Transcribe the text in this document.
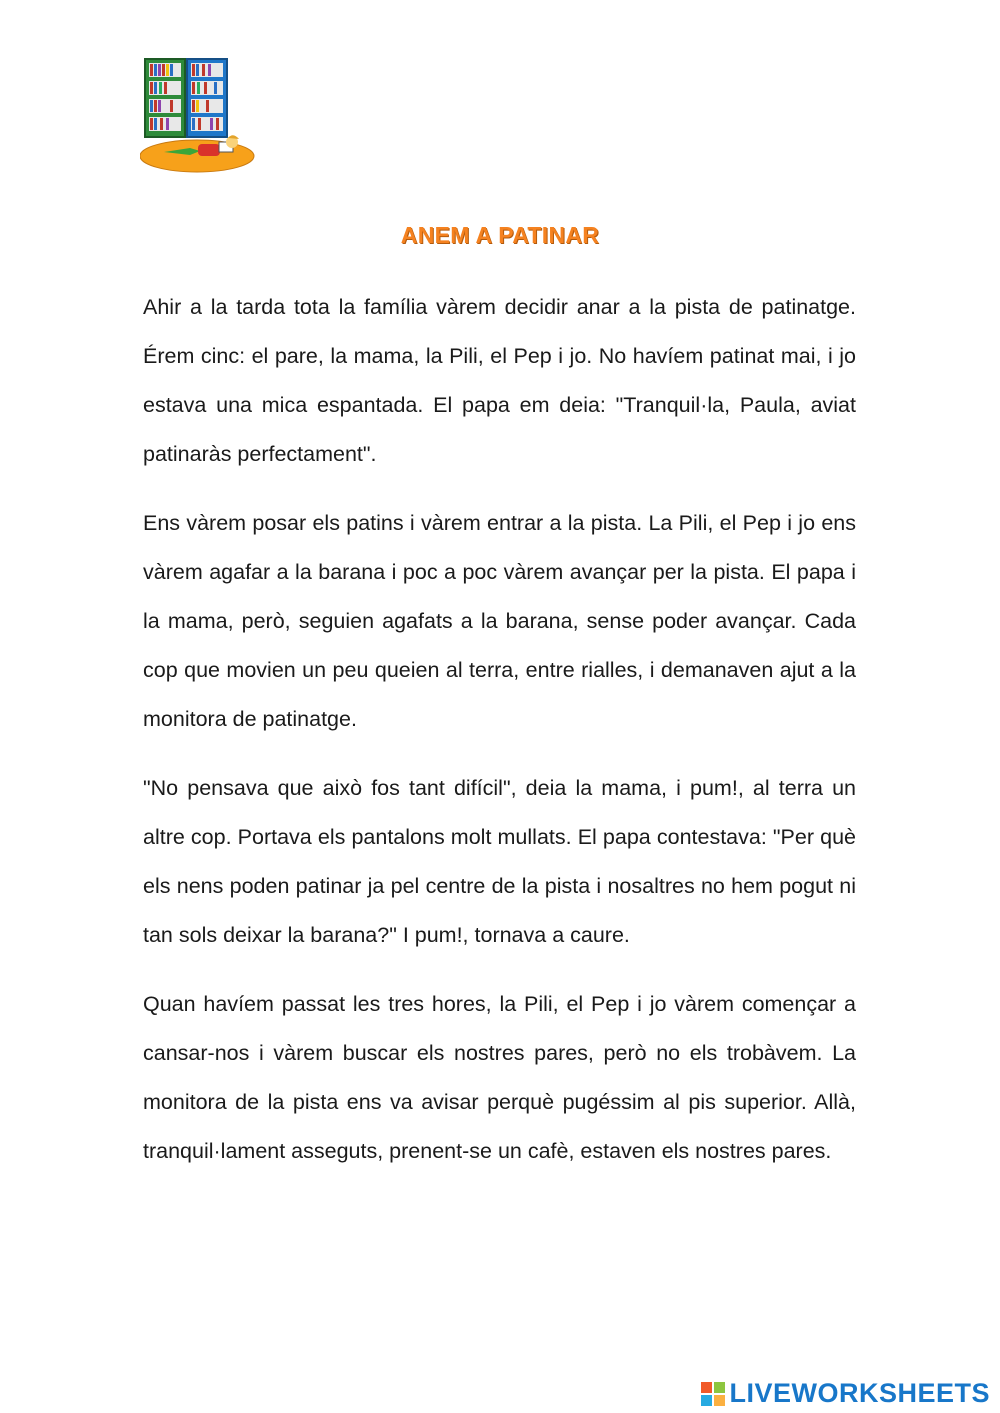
ANEM A PATINAR

Ahir a la tarda tota la família vàrem decidir anar a la pista de patinatge. Érem cinc: el pare, la mama, la Pili, el Pep i jo. No havíem patinat mai, i jo estava una mica espantada. El papa em deia: "Tranquil·la, Paula, aviat patinaràs perfectament".

Ens vàrem posar els patins i vàrem entrar a la pista. La Pili, el Pep i jo ens vàrem agafar a la barana i poc a poc vàrem avançar per la pista. El papa i la mama, però, seguien agafats a la barana, sense poder avançar. Cada cop que movien un peu queien al terra, entre rialles, i demanaven ajut a la monitora de patinatge.

"No pensava que això fos tant difícil", deia la mama, i pum!, al terra un altre cop. Portava els pantalons molt mullats. El papa contestava: "Per què els nens poden patinar ja pel centre de la pista i nosaltres no hem pogut ni tan sols deixar la barana?" I pum!, tornava a caure.

Quan havíem passat les tres hores, la Pili, el Pep i jo vàrem començar a cansar-nos i vàrem buscar els nostres pares, però no els trobàvem. La monitora de la pista ens va avisar perquè pugéssim al pis superior. Allà, tranquil·lament asseguts, prenent-se un cafè, estaven els nostres pares.

LIVEWORKSHEETS
